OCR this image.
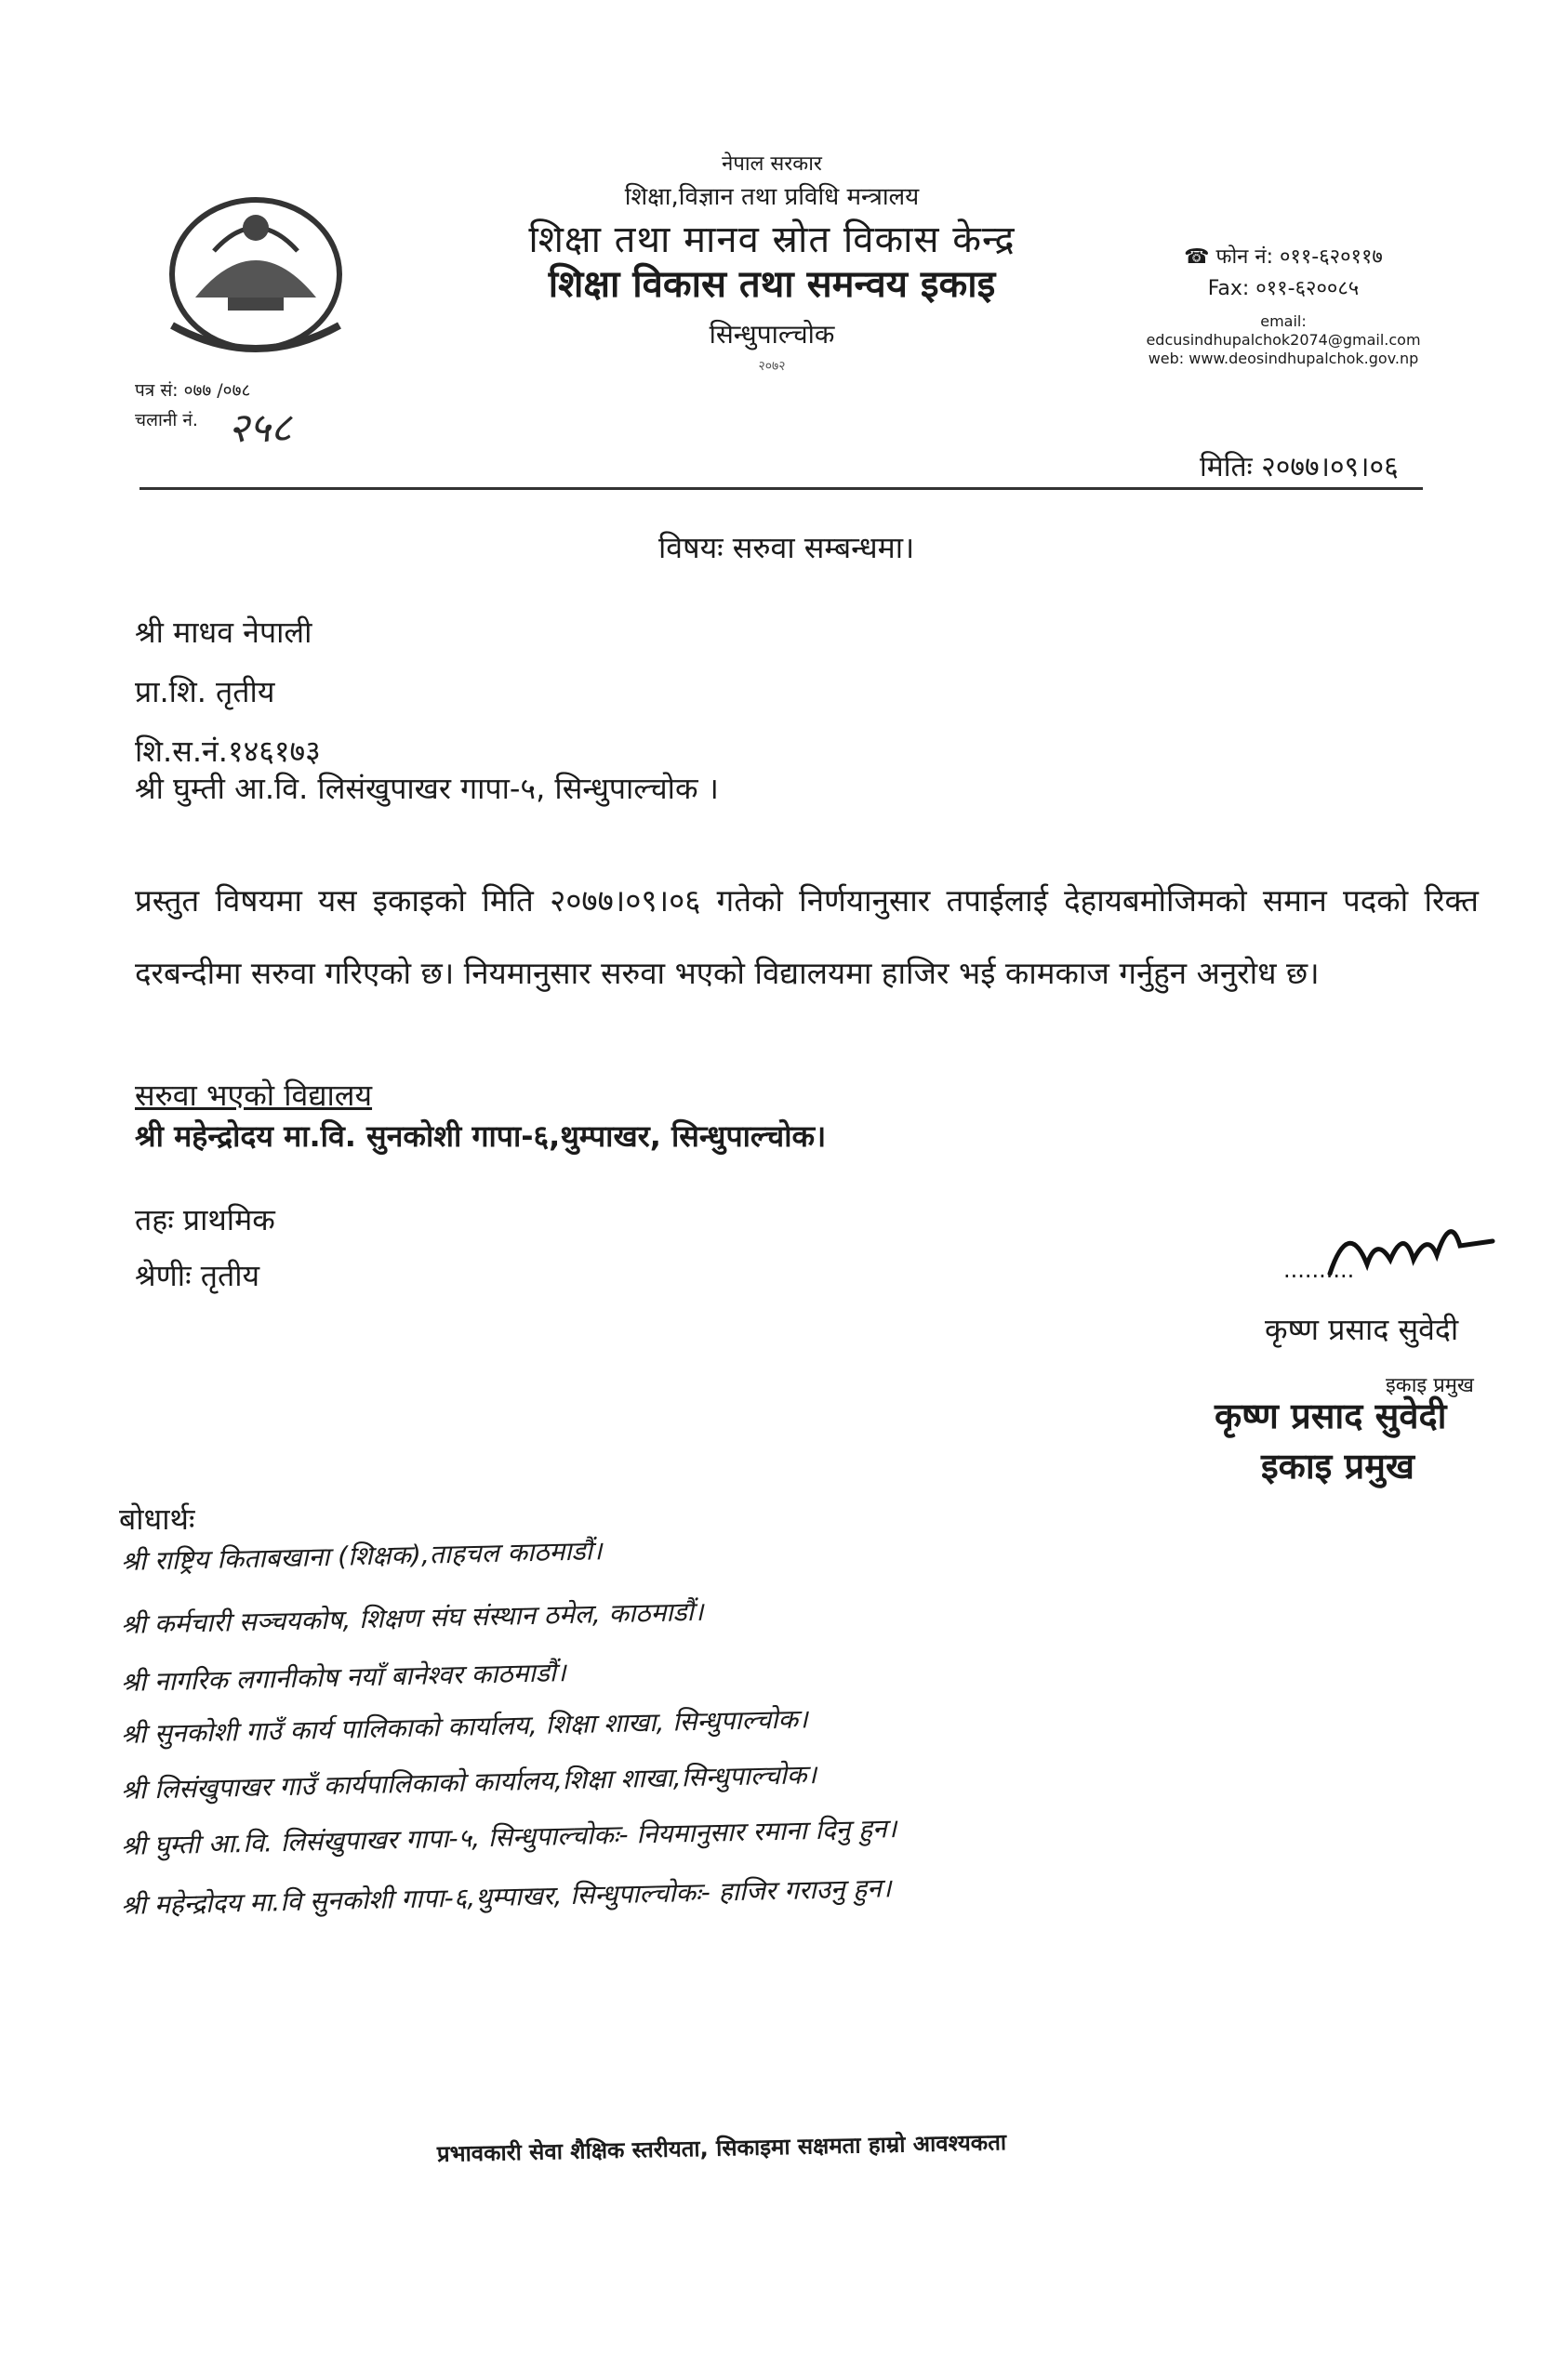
नेपाल सरकार
शिक्षा,विज्ञान तथा प्रविधि मन्त्रालय
शिक्षा तथा मानव स्रोत विकास केन्द्र
शिक्षा विकास तथा समन्वय इकाइ
सिन्धुपाल्चोक
२०७२
☎ फोन नं: ०११-६२०११७
Fax: ०११-६२००८५
email:
edcusindhupalchok2074@gmail.com
web: www.deosindhupalchok.gov.np
पत्र सं: ०७७ /०७८
चलानी नं. २५८
मितिः २०७७।०९।०६
विषयः सरुवा सम्बन्धमा।
श्री माधव नेपाली
प्रा.शि. तृतीय
शि.स.नं.१४६१७३
श्री घुम्ती आ.वि. लिसंखुपाखर गापा-५, सिन्धुपाल्चोक ।
प्रस्तुत विषयमा यस इकाइको मिति २०७७।०९।०६ गतेको निर्णयानुसार तपाईलाई देहायबमोजिमको समान पदको रिक्त दरबन्दीमा सरुवा गरिएको छ। नियमानुसार सरुवा भएको विद्यालयमा हाजिर भई कामकाज गर्नुहुन अनुरोध छ।
सरुवा भएको विद्यालय
श्री महेन्द्रोदय मा.वि. सुनकोशी गापा-६,थुम्पाखर, सिन्धुपाल्चोक।
तहः प्राथमिक
श्रेणीः तृतीय	..........
कृष्ण प्रसाद सुवेदी
इकाइ प्रमुख
कृष्ण प्रसाद सुवेदी
इकाइ प्रमुख
बोधार्थः
श्री राष्ट्रिय किताबखाना (शिक्षक),ताहचल काठमाडौं।
श्री कर्मचारी सञ्चयकोष, शिक्षण संघ संस्थान ठमेल, काठमाडौं।
श्री नागरिक लगानीकोष नयाँ बानेश्वर काठमाडौं।
श्री सुनकोशी गाउँ कार्य पालिकाको कार्यालय, शिक्षा शाखा, सिन्धुपाल्चोक।
श्री लिसंखुपाखर गाउँ कार्यपालिकाको कार्यालय,शिक्षा शाखा,सिन्धुपाल्चोक।
श्री घुम्ती आ.वि. लिसंखुपाखर गापा-५, सिन्धुपाल्चोकः- नियमानुसार रमाना दिनु हुन।
श्री महेन्द्रोदय मा.वि सुनकोशी गापा-६,थुम्पाखर, सिन्धुपाल्चोकः- हाजिर गराउनु हुन।
प्रभावकारी सेवा शैक्षिक स्तरीयता, सिकाइमा सक्षमता हाम्रो आवश्यकता
